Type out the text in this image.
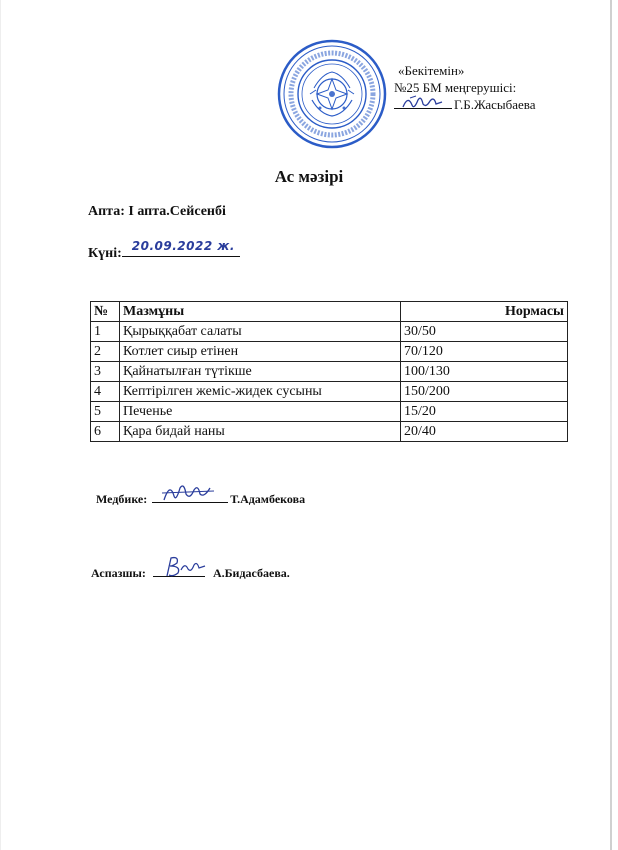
«Бекітемін»
№25 БМ меңгерушісі:
Г.Б.Жасыбаева
Ас мәзірі
Апта: І апта.Сейсенбі
Күні: 20.09.2022 ж.
№	Мазмұны	Нормасы
1	Қырыққабат салаты	30/50
2	Котлет сиыр етінен	70/120
3	Қайнатылған түтікше	100/130
4	Кептірілген жеміс-жидек сусыны	150/200
5	Печенье	15/20
6	Қара бидай наны	20/40
Медбике:	Т.Адамбекова
Аспазшы:	А.Бидасбаева.
